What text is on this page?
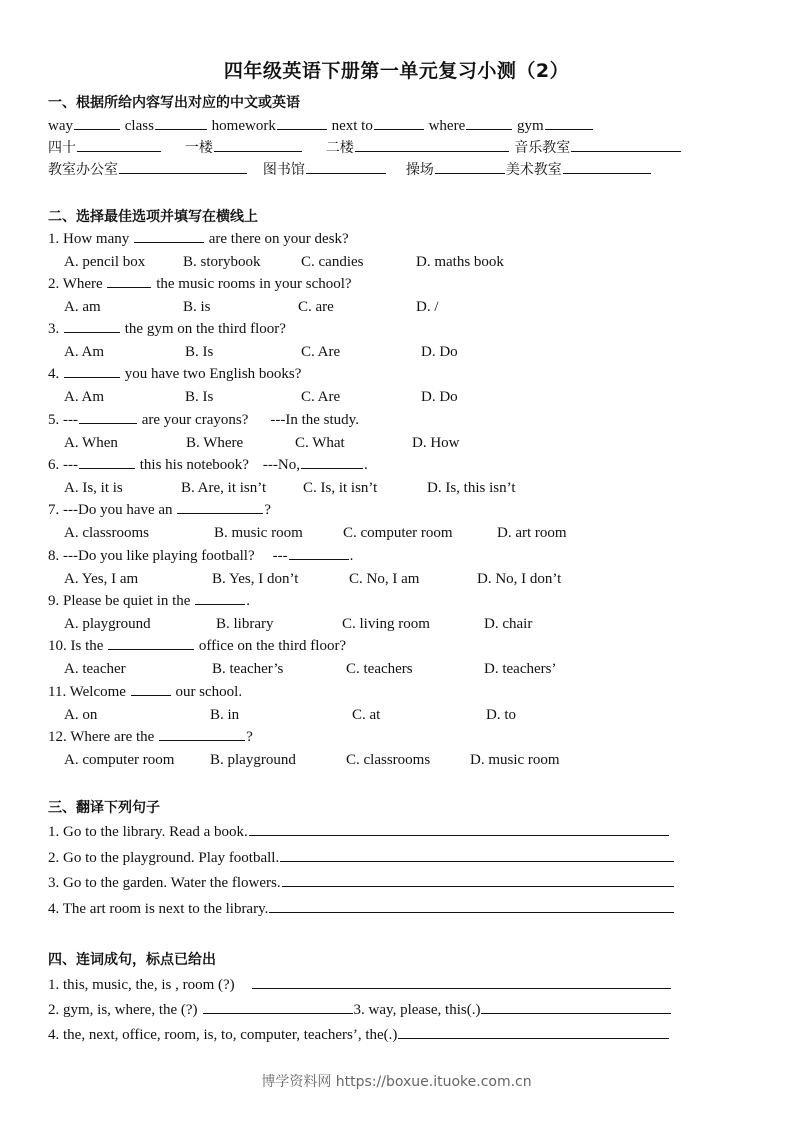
四年级英语下册第一单元复习小测（2）
一、根据所给内容写出对应的中文或英语
way	class	homework	next to	where	gym
四十	一楼	二楼	音乐教室
教室办公室	图书馆	操场	美术教室
二、选择最佳选项并填写在横线上
1. How many	are there on your desk?
A. pencil box	B. storybook	C. candies	D. maths book
2. Where	the music rooms in your school?
A. am	B. is	C. are	D. /
3.	the gym on the third floor?
A. Am	B. Is	C. Are	D. Do
4.	you have two English books?
A. Am	B. Is	C. Are	D. Do
5. ---	are your crayons? ---In the study.
A. When	B. Where	C. What	D. How
6. ---	this his notebook? ---No,	.
A. Is, it is	B. Are, it isn’t C. Is, it isn’t	D. Is, this isn’t
7. ---Do you have an	?
A. classrooms	B. music room	C. computer room	D. art room
8. ---Do you like playing football? ---	.
A. Yes, I am	B. Yes, I don’t	C. No, I am	D. No, I don’t
9. Please be quiet in the	.
A. playground	B. library	C. living room	D. chair
10. Is the	office on the third floor?
A. teacher	B. teacher’s	C. teachers	D. teachers’
11. Welcome	our school.
A. on	B. in	C. at	D. to
12. Where are the	?
A. computer room B. playground	C. classrooms	D. music room
三、翻译下列句子
1. Go to the library. Read a book.
2. Go to the playground. Play football.
3. Go to the garden. Water the flowers.
4. The art room is next to the library.
四、连词成句，标点已给出
1. this, music, the, is , room (?)
2. gym, is, where, the (?)	3. way, please, this(.)
4. the, next, office, room, is, to, computer, teachers’, the(.)
博学资料网 https://boxue.ituoke.com.cn
